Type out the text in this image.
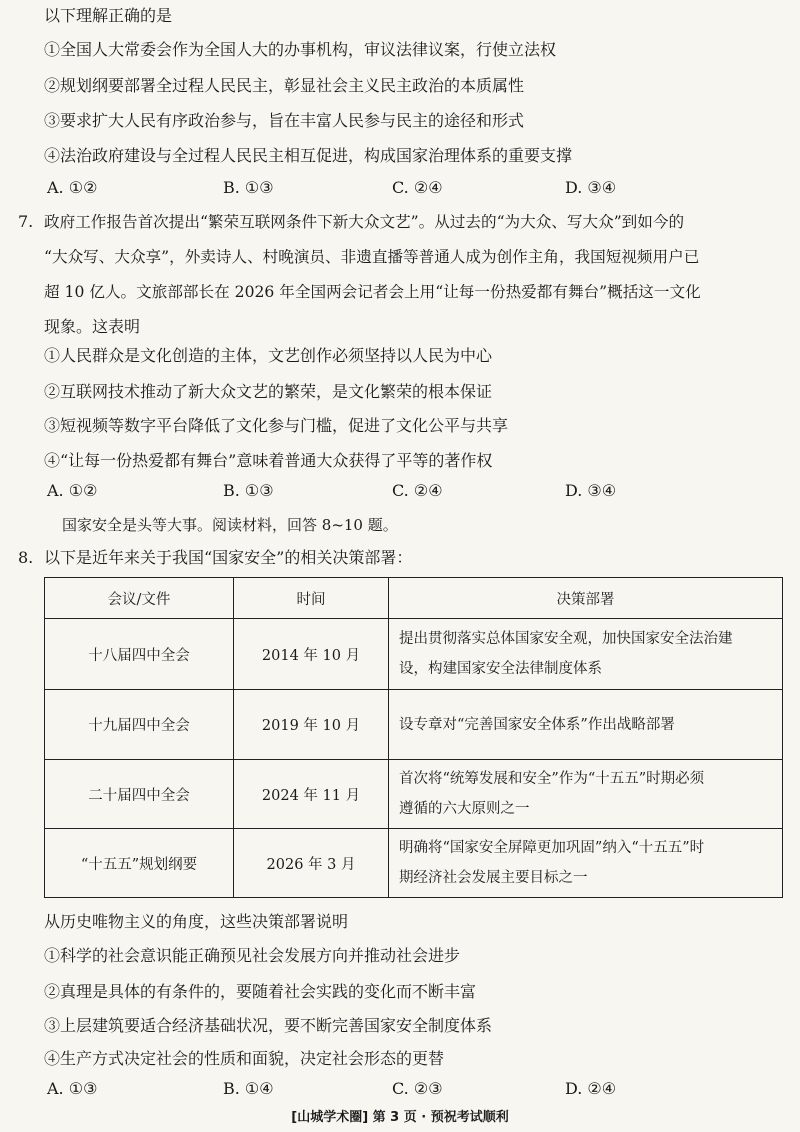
以下理解正确的是
①全国人大常委会作为全国人大的办事机构，审议法律议案，行使立法权
②规划纲要部署全过程人民民主，彰显社会主义民主政治的本质属性
③要求扩大人民有序政治参与，旨在丰富人民参与民主的途径和形式
④法治政府建设与全过程人民民主相互促进，构成国家治理体系的重要支撑
A. ①②	B. ①③	C. ②④	D. ③④
7. 政府工作报告首次提出“繁荣互联网条件下新大众文艺”。从过去的“为大众、写大众”到如今的
“大众写、大众享”，外卖诗人、村晚演员、非遗直播等普通人成为创作主角，我国短视频用户已
超 10 亿人。文旅部部长在 2026 年全国两会记者会上用“让每一份热爱都有舞台”概括这一文化
现象。这表明
①人民群众是文化创造的主体，文艺创作必须坚持以人民为中心
②互联网技术推动了新大众文艺的繁荣，是文化繁荣的根本保证
③短视频等数字平台降低了文化参与门槛，促进了文化公平与共享
④“让每一份热爱都有舞台”意味着普通大众获得了平等的著作权
A. ①②	B. ①③	C. ②④	D. ③④
国家安全是头等大事。阅读材料，回答 8~10 题。
8. 以下是近年来关于我国“国家安全”的相关决策部署：
会议/文件	时间	决策部署
十八届四中全会	2014 年 10 月	提出贯彻落实总体国家安全观，加快国家安全法治建
设，构建国家安全法律制度体系

十九届四中全会	2019 年 10 月	设专章对“完善国家安全体系”作出战略部署

二十届四中全会	2024 年 11 月	首次将“统筹发展和安全”作为“十五五”时期必须
遵循的六大原则之一

“十五五”规划纲要	2026 年 3 月	明确将“国家安全屏障更加巩固”纳入“十五五”时
期经济社会发展主要目标之一
从历史唯物主义的角度，这些决策部署说明
①科学的社会意识能正确预见社会发展方向并推动社会进步
②真理是具体的有条件的，要随着社会实践的变化而不断丰富
③上层建筑要适合经济基础状况，要不断完善国家安全制度体系
④生产方式决定社会的性质和面貌，决定社会形态的更替
A. ①③	B. ①④	C. ②③	D. ②④
[山城学术圈] 第 3 页 · 预祝考试顺利
